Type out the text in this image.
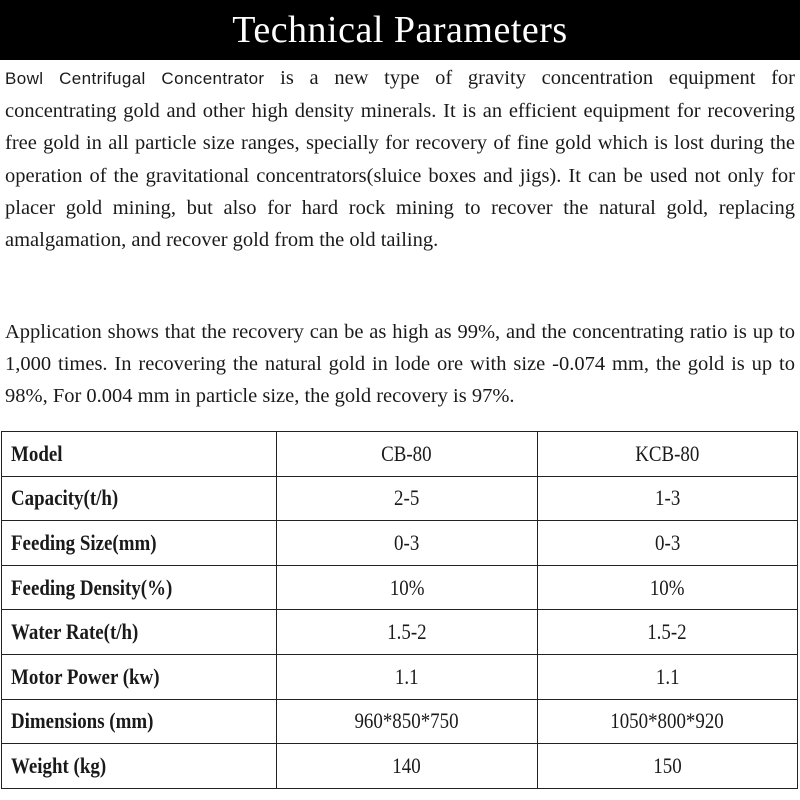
Technical Parameters

Bowl Centrifugal Concentrator is a new type of gravity concentration equipment for concentrating gold and other high density minerals. It is an efficient equipment for recovering free gold in all particle size ranges, specially for recovery of fine gold which is lost during the operation of the gravitational concentrators(sluice boxes and jigs). It can be used not only for placer gold mining, but also for hard rock mining to recover the natural gold, replacing amalgamation, and recover gold from the old tailing.

Application shows that the recovery can be as high as 99%, and the concentrating ratio is up to 1,000 times. In recovering the natural gold in lode ore with size -0.074 mm, the gold is up to 98%, For 0.004 mm in particle size, the gold recovery is 97%.

Model	CB-80	KCB-80
Capacity(t/h)	2-5	1-3
Feeding Size(mm)	0-3	0-3
Feeding Density(%)	10%	10%
Water Rate(t/h)	1.5-2	1.5-2
Motor Power (kw)	1.1	1.1
Dimensions (mm)	960*850*750	1050*800*920
Weight (kg)	140	150
